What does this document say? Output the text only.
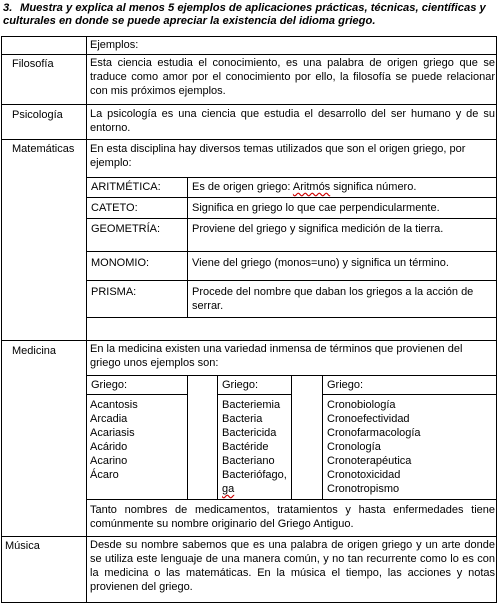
3. Muestra y explica al menos 5 ejemplos de aplicaciones prácticas, técnicas, científicas y culturales en donde se puede apreciar la existencia del idioma griego.
Ejemplos:
Filosofía	Esta ciencia estudia el conocimiento, es una palabra de origen griego que se traduce como amor por el conocimiento por ello, la filosofía se puede relacionar con mis próximos ejemplos.
Psicología La psicología es una ciencia que estudia el desarrollo del ser humano y de su entorno.
Matemáticas En esta disciplina hay diversos temas utilizados que son el origen griego, por ejemplo:
ARITMÉTICA:	Es de origen griego: Aritmós significa número.
CATETO:	Significa en griego lo que cae perpendicularmente.
GEOMETRÍA:	Proviene del griego y significa medición de la tierra.
MONOMIO:	Viene del griego (monos=uno) y significa un término.
PRISMA:	Procede del nombre que daban los griegos a la acción de serrar.
Medicina	En la medicina existen una variedad inmensa de términos que provienen del griego unos ejemplos son:
Griego:
Acantosis
Arcadia
Acariasis
Acárido
Acarino
Ácaro
Griego:
Bacteriemia
Bacteria
Bactericida
Bactéride
Bacteriano
Bacteriófago,
ga
Griego:
Cronobiología
Cronoefectividad
Cronofarmacología
Cronología
Cronoterapéutica
Cronotoxicidad
Cronotropismo
Tanto nombres de medicamentos, tratamientos y hasta enfermedades tiene comúnmente su nombre originario del Griego Antiguo.
Música	Desde su nombre sabemos que es una palabra de origen griego y un arte donde se utiliza este lenguaje de una manera común, y no tan recurrente como lo es con la medicina o las matemáticas. En la música el tiempo, las acciones y notas provienen del griego.
